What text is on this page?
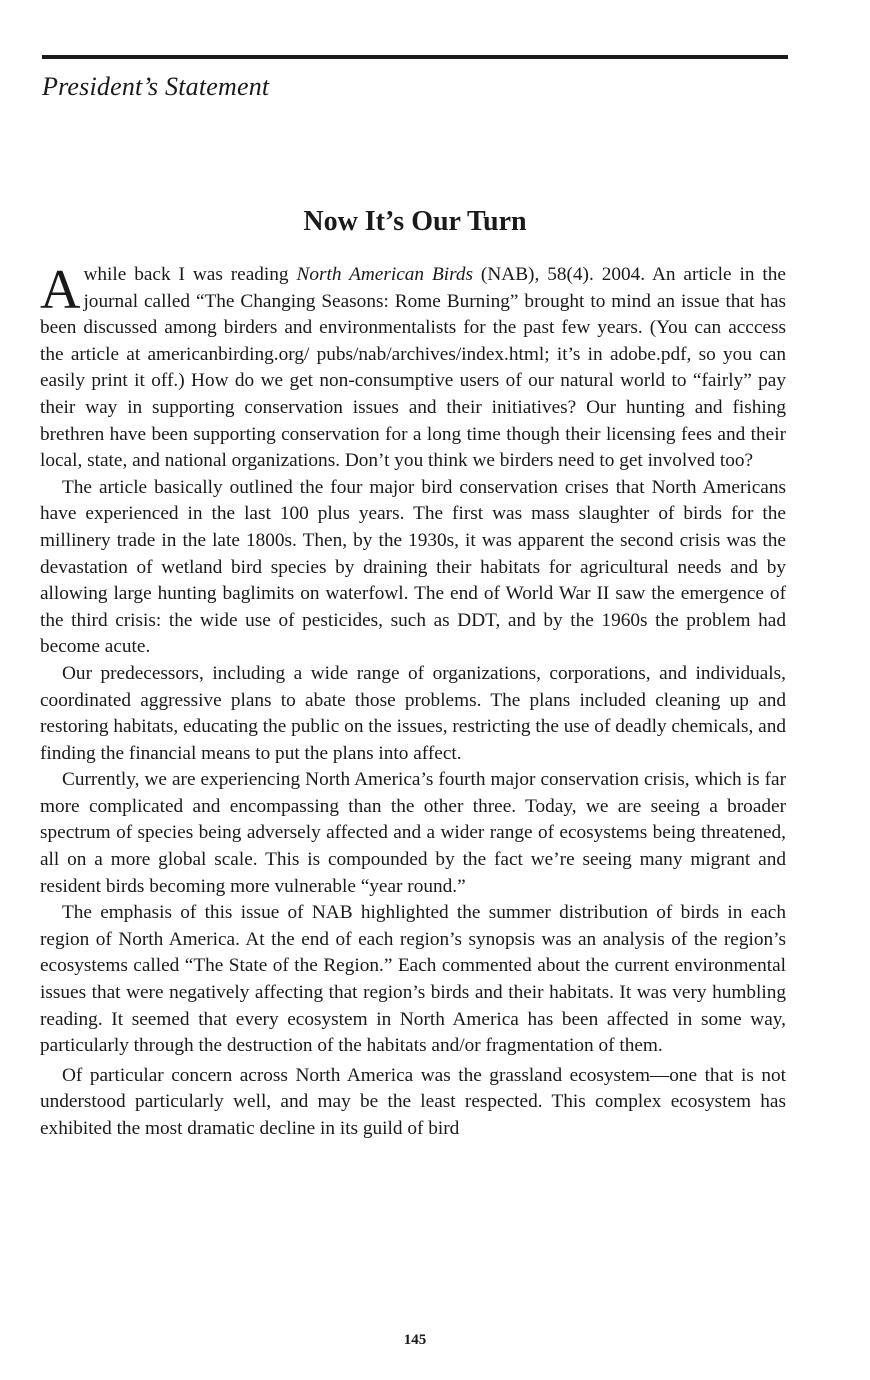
President’s Statement
Now It’s Our Turn

Awhile back I was reading North American Birds (NAB), 58(4). 2004. An article in the journal called “The Changing Seasons: Rome Burning” brought to mind an issue that has been discussed among birders and environmentalists for the past few years. (You can acccess the article at americanbirding.org/ pubs/nab/archives/index.html; it’s in adobe.pdf, so you can easily print it off.) How do we get non-consumptive users of our natural world to “fairly” pay their way in supporting conservation issues and their initiatives? Our hunting and fishing brethren have been supporting conservation for a long time though their licensing fees and their local, state, and national organizations. Don’t you think we birders need to get involved too?

The article basically outlined the four major bird conservation crises that North Americans have experienced in the last 100 plus years. The first was mass slaughter of birds for the millinery trade in the late 1800s. Then, by the 1930s, it was apparent the second crisis was the devastation of wetland bird species by draining their habitats for agricultural needs and by allowing large hunting baglimits on waterfowl. The end of World War II saw the emergence of the third crisis: the wide use of pesticides, such as DDT, and by the 1960s the problem had become acute.

Our predecessors, including a wide range of organizations, corporations, and individuals, coordinated aggressive plans to abate those problems. The plans included cleaning up and restoring habitats, educating the public on the issues, restricting the use of deadly chemicals, and finding the financial means to put the plans into affect.

Currently, we are experiencing North America’s fourth major conservation crisis, which is far more complicated and encompassing than the other three. Today, we are seeing a broader spectrum of species being adversely affected and a wider range of ecosystems being threatened, all on a more global scale. This is compounded by the fact we’re seeing many migrant and resident birds becoming more vulnerable “year round.”

The emphasis of this issue of NAB highlighted the summer distribution of birds in each region of North America. At the end of each region’s synopsis was an analysis of the region’s ecosystems called “The State of the Region.” Each commented about the current environmental issues that were negatively affecting that region’s birds and their habitats. It was very humbling reading. It seemed that every ecosystem in North America has been affected in some way, particularly through the destruction of the habitats and/or fragmentation of them.

Of particular concern across North America was the grassland ecosystem—one that is not understood particularly well, and may be the least respected. This complex ecosystem has exhibited the most dramatic decline in its guild of bird

145
